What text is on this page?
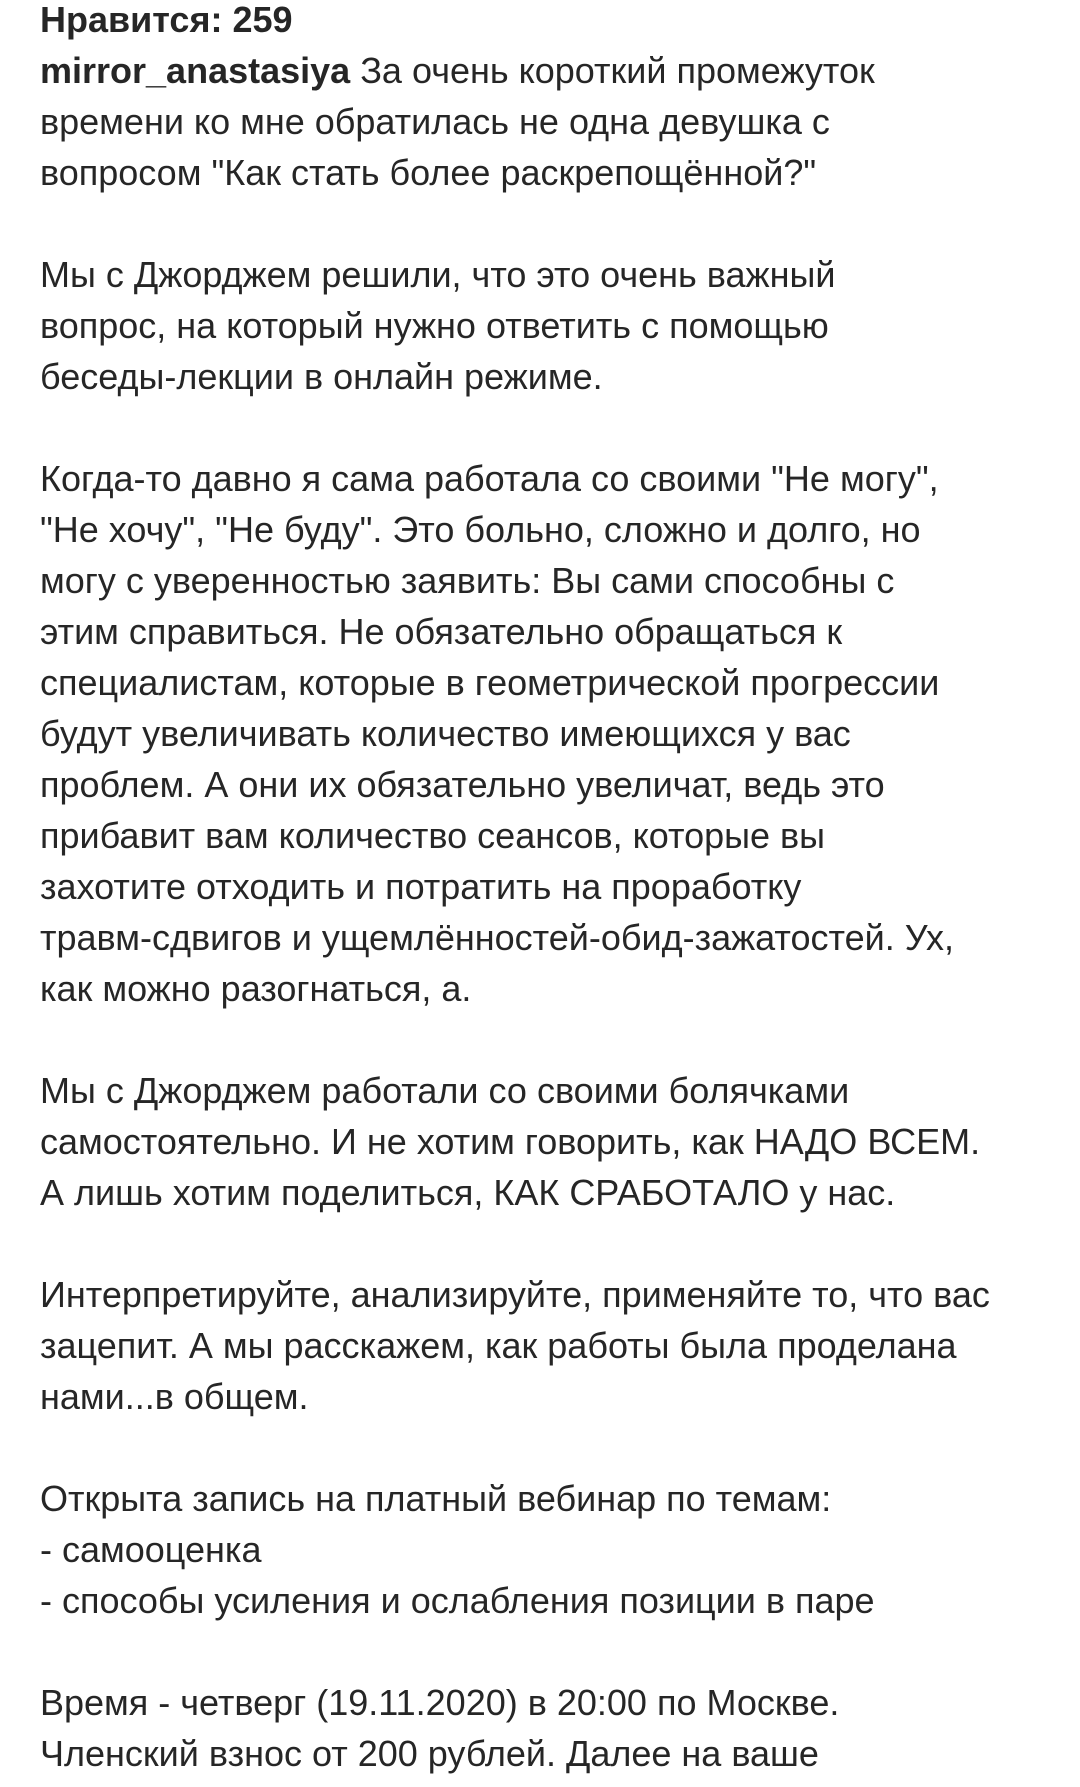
Нравится: 259

mirror_anastasiya За очень короткий промежуток
времени ко мне обратилась не одна девушка с
вопросом "Как стать более раскрепощённой?"

Мы с Джорджем решили, что это очень важный
вопрос, на который нужно ответить с помощью
беседы-лекции в онлайн режиме.

Когда-то давно я сама работала со своими "Не могу",
"Не хочу", "Не буду". Это больно, сложно и долго, но
могу с уверенностью заявить: Вы сами способны с
этим справиться. Не обязательно обращаться к
специалистам, которые в геометрической прогрессии
будут увеличивать количество имеющихся у вас
проблем. А они их обязательно увеличат, ведь это
прибавит вам количество сеансов, которые вы
захотите отходить и потратить на проработку
травм-сдвигов и ущемлённостей-обид-зажатостей. Ух,
как можно разогнаться, а.

Мы с Джорджем работали со своими болячками
самостоятельно. И не хотим говорить, как НАДО ВСЕМ.
А лишь хотим поделиться, КАК СРАБОТАЛО у нас.

Интерпретируйте, анализируйте, применяйте то, что вас
зацепит. А мы расскажем, как работы была проделана
нами...в общем.

Открыта запись на платный вебинар по темам:
- самооценка
- способы усиления и ослабления позиции в паре

Время - четверг (19.11.2020) в 20:00 по Москве.
Членский взнос от 200 рублей. Далее на ваше
